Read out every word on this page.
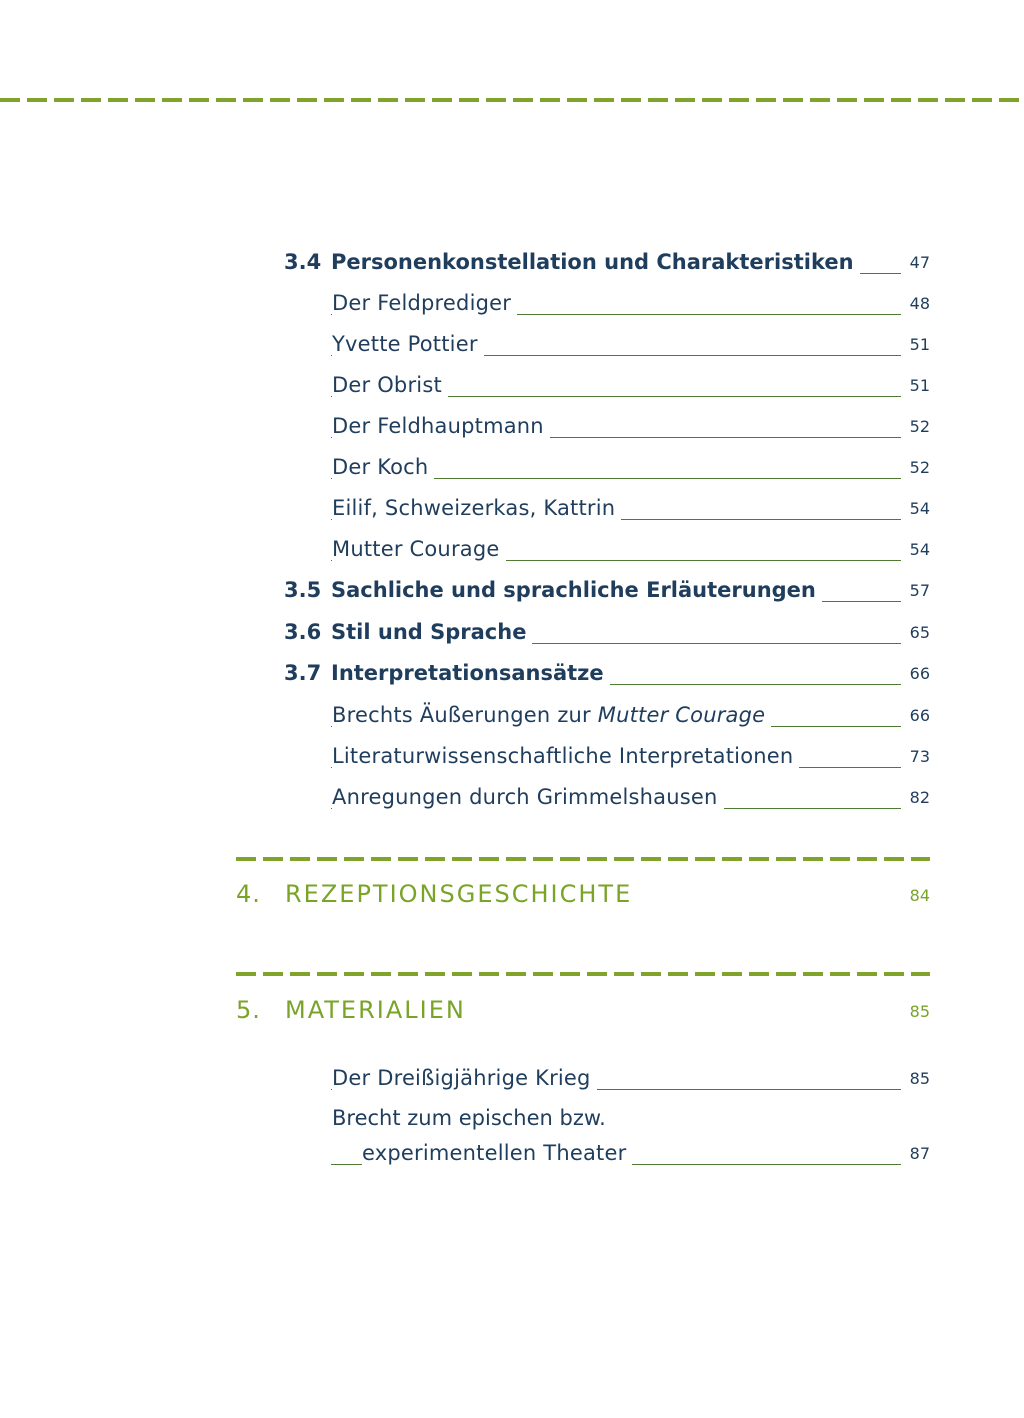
3.4 Personenkonstellation und Charakteristiken	47
Der Feldprediger	48
Yvette Pottier	51
Der Obrist	51
Der Feldhauptmann	52
Der Koch	52
Eilif, Schweizerkas, Kattrin	54
Mutter Courage	54
3.5 Sachliche und sprachliche Erläuterungen	57
3.6 Stil und Sprache	65
3.7 Interpretationsansätze	66
Brechts Äußerungen zur Mutter Courage	66
Literaturwissenschaftliche Interpretationen	73
Anregungen durch Grimmelshausen	82
4. REZEPTIONSGESCHICHTE	84
5. MATERIALIEN	85
Der Dreißigjährige Krieg	85
Brecht zum epischen bzw.
experimentellen Theater	87
